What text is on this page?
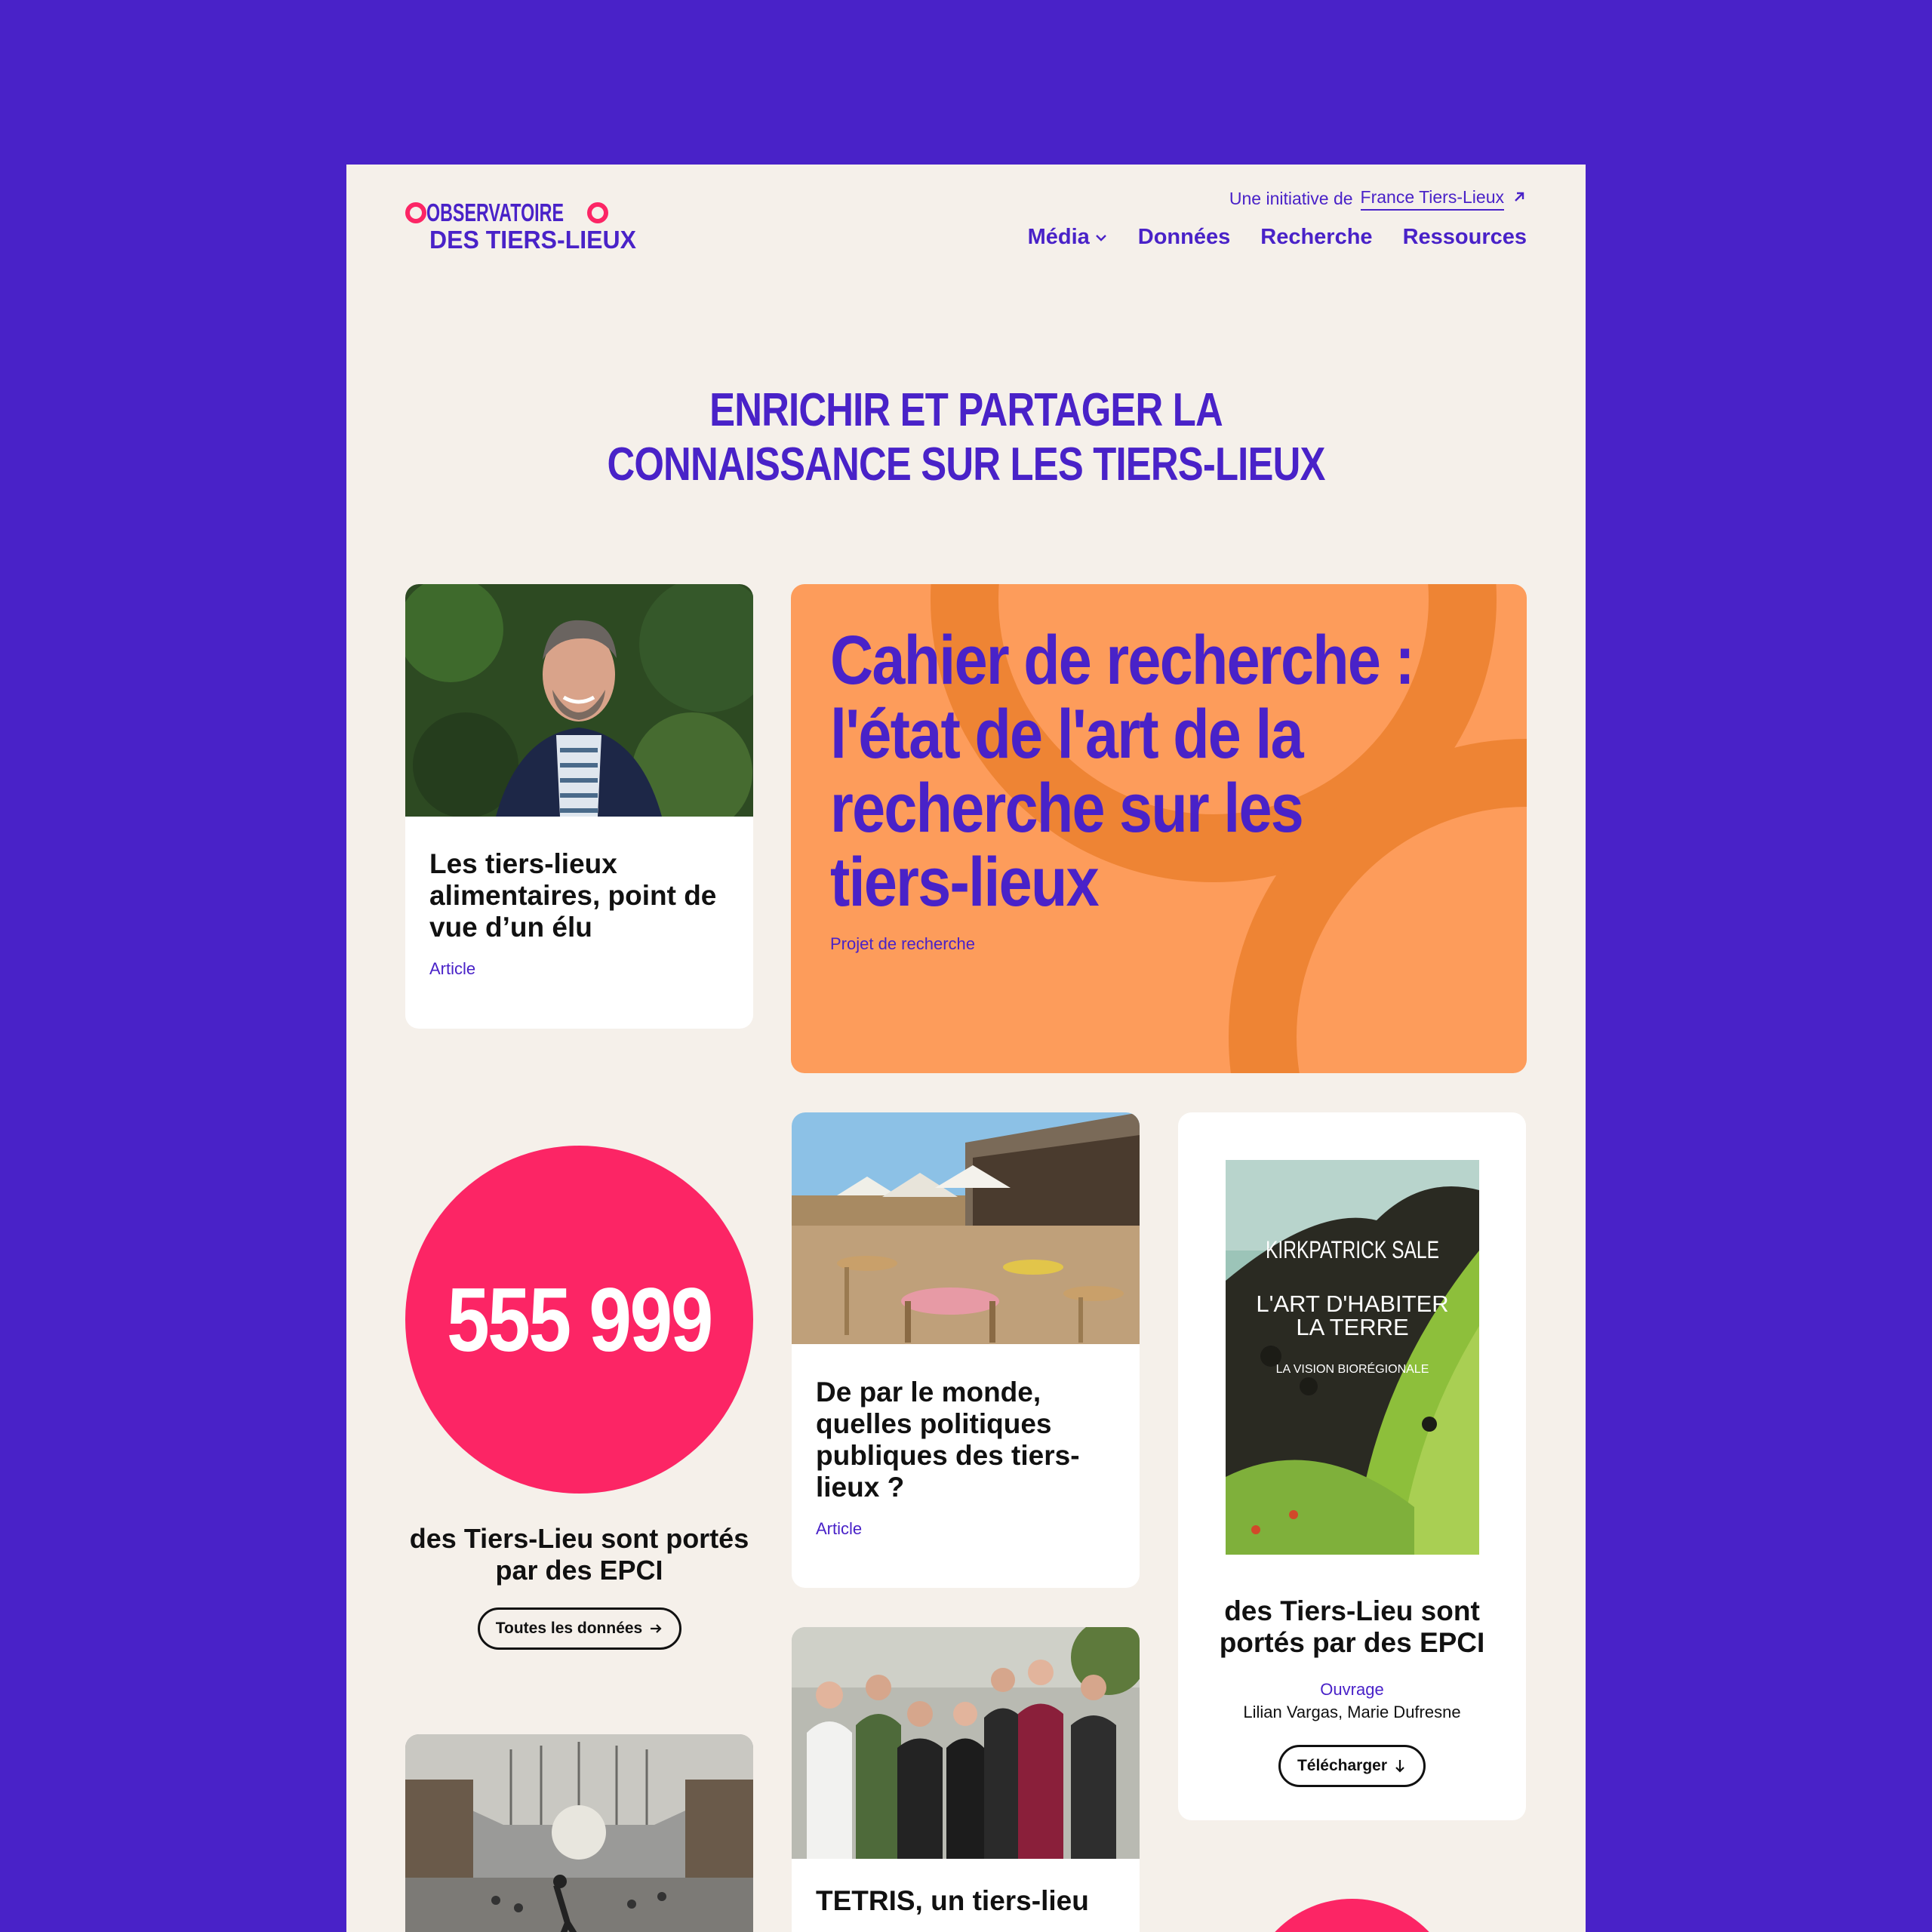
OBSERVATOIRE
DES TIERS-LIEUX
Une initiative de France Tiers-Lieux
Média Données Recherche Ressources
ENRICHIR ET PARTAGER LA
CONNAISSANCE SUR LES TIERS-LIEUX
Les tiers-lieux alimentaires, point de vue d’un élu
Article
Cahier de recherche : l'état de l'art de la recherche sur les tiers-lieux
Projet de recherche
555 999
des Tiers-Lieu sont portés par des EPCI
Toutes les données
De par le monde, quelles politiques publiques des tiers-lieux ?
Article
KIRKPATRICK SALE
L'ART D'HABITER LA TERRE
LA VISION BIORÉGIONALE
des Tiers-Lieu sont portés par des EPCI
Ouvrage
Lilian Vargas, Marie Dufresne
Télécharger
TETRIS, un tiers-lieu
